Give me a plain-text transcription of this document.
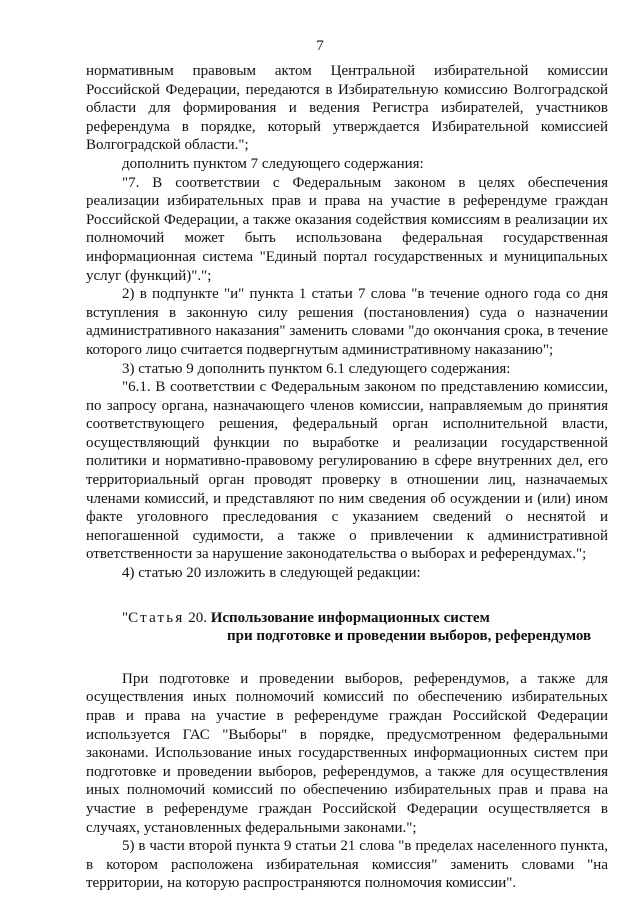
7

нормативным правовым актом Центральной избирательной комиссии Российской Федерации, передаются в Избирательную комиссию Волгоградской области для формирования и ведения Регистра избирателей, участников референдума в порядке, который утверждается Избирательной комиссией Волгоградской области.";

дополнить пунктом 7 следующего содержания:

"7. В соответствии с Федеральным законом в целях обеспечения реализации избирательных прав и права на участие в референдуме граждан Российской Федерации, а также оказания содействия комиссиям в реализации их полномочий может быть использована федеральная государственная информационная система "Единый портал государственных и муниципальных услуг (функций)".";

2) в подпункте "и" пункта 1 статьи 7 слова "в течение одного года со дня вступления в законную силу решения (постановления) суда о назначении административного наказания" заменить словами "до окончания срока, в течение которого лицо считается подвергнутым административному наказанию";

3) статью 9 дополнить пунктом 6.1 следующего содержания:

"6.1. В соответствии с Федеральным законом по представлению комиссии, по запросу органа, назначающего членов комиссии, направляемым до принятия соответствующего решения, федеральный орган исполнительной власти, осуществляющий функции по выработке и реализации государственной политики и нормативно-правовому регулированию в сфере внутренних дел, его территориальный орган проводят проверку в отношении лиц, назначаемых членами комиссий, и представляют по ним сведения об осуждении и (или) ином факте уголовного преследования с указанием сведений о неснятой и непогашенной судимости, а также о привлечении к административной ответственности за нарушение законодательства о выборах и референдумах.";

4) статью 20 изложить в следующей редакции:

"Статья 20. Использование информационных систем
при подготовке и проведении выборов, референдумов

При подготовке и проведении выборов, референдумов, а также для осуществления иных полномочий комиссий по обеспечению избирательных прав и права на участие в референдуме граждан Российской Федерации используется ГАС "Выборы" в порядке, предусмотренном федеральными законами. Использование иных государственных информационных систем при подготовке и проведении выборов, референдумов, а также для осуществления иных полномочий комиссий по обеспечению избирательных прав и права на участие в референдуме граждан Российской Федерации осуществляется в случаях, установленных федеральными законами.";

5) в части второй пункта 9 статьи 21 слова "в пределах населенного пункта, в котором расположена избирательная комиссия" заменить словами "на территории, на которую распространяются полномочия комиссии".
